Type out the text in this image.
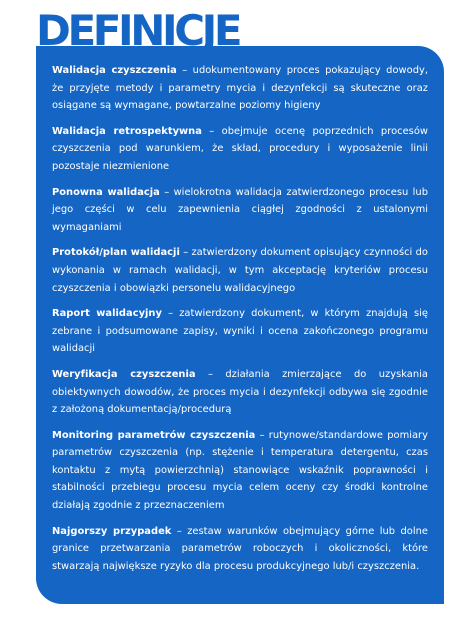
DEFINICJE
Walidacja czyszczenia – udokumentowany proces pokazujący dowody, że przyjęte metody i parametry mycia i dezynfekcji są skuteczne oraz osiągane są wymagane, powtarzalne poziomy higieny
Walidacja retrospektywna – obejmuje ocenę poprzednich procesów czyszczenia pod warunkiem, że skład, procedury i wyposażenie linii pozostaje niezmienione
Ponowna walidacja – wielokrotna walidacja zatwierdzonego procesu lub jego części w celu zapewnienia ciągłej zgodności z ustalonymi wymaganiami
Protokół/plan walidacji – zatwierdzony dokument opisujący czynności do wykonania w ramach walidacji, w tym akceptację kryteriów procesu czyszczenia i obowiązki personelu walidacyjnego
Raport walidacyjny – zatwierdzony dokument, w którym znajdują się zebrane i podsumowane zapisy, wyniki i ocena zakończonego programu walidacji
Weryfikacja czyszczenia – działania zmierzające do uzyskania obiektywnych dowodów, że proces mycia i dezynfekcji odbywa się zgodnie z założoną dokumentacją/procedurą
Monitoring parametrów czyszczenia – rutynowe/standardowe pomiary parametrów czyszczenia (np. stężenie i temperatura detergentu, czas kontaktu z mytą powierzchnią) stanowiące wskaźnik poprawności i stabilności przebiegu procesu mycia celem oceny czy środki kontrolne działają zgodnie z przeznaczeniem
Najgorszy przypadek – zestaw warunków obejmujący górne lub dolne granice przetwarzania parametrów roboczych i okoliczności, które stwarzają największe ryzyko dla procesu produkcyjnego lub/i czyszczenia.
